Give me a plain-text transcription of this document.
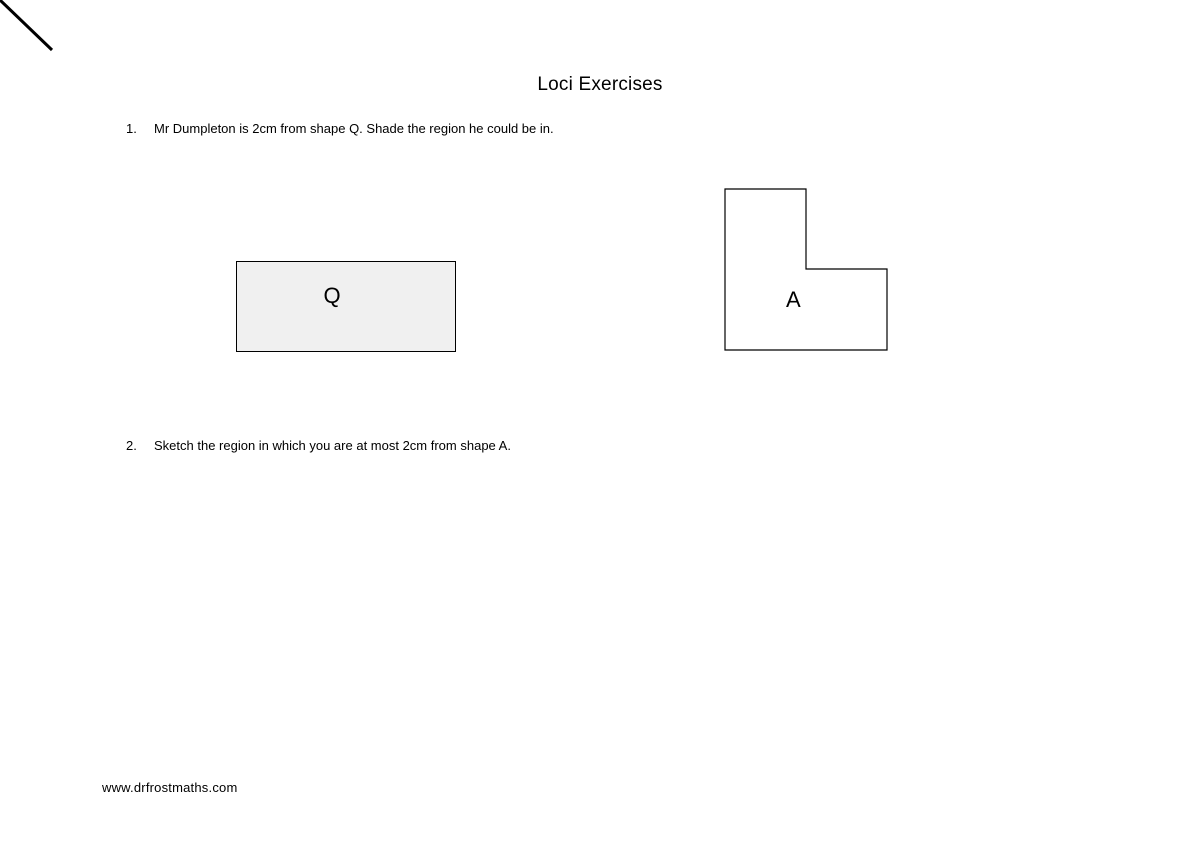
Loci Exercises
1.	Mr Dumpleton is 2cm from shape Q. Shade the region he could be in.
Q	A
2.	Sketch the region in which you are at most 2cm from shape A.
www.drfrostmaths.com
